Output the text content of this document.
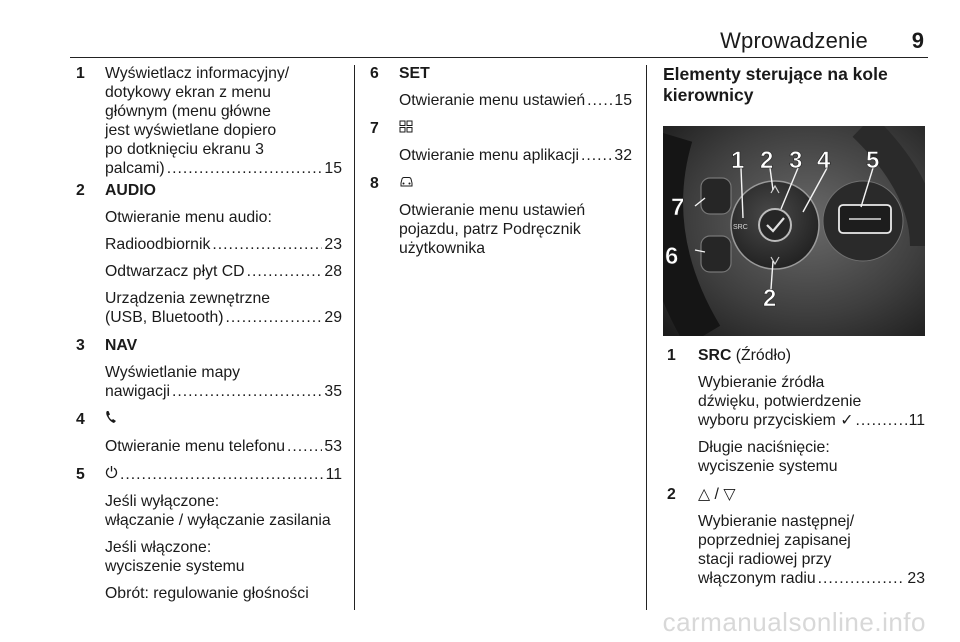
Wprowadzenie 9
1 Wyświetlacz informacyjny/
dotykowy ekran z menu
głównym (menu główne
jest wyświetlane dopiero
po dotknięciu ekranu 3
palcami) .....	15
2 AUDIO
Otwieranie menu audio:
Radioodbiornik .....	23
Odtwarzacz płyt CD .....	28
Urządzenia zewnętrzne
(USB, Bluetooth) .....	29
3 NAV
Wyświetlanie mapy
nawigacji .....	35
4
Otwieranie menu telefonu ..... 53
5 .....	11
Jeśli wyłączone:
włączanie / wyłączanie zasilania
Jeśli włączone:
wyciszenie systemu
Obrót: regulowanie głośności
6 SET
Otwieranie menu ustawień ..... 15
7
Otwieranie menu aplikacji ..... 32
8
Otwieranie menu ustawień
pojazdu, patrz Podręcznik
użytkownika
Elementy sterujące na kole
kierownicy
SRC
1 2 3 4 5
6
7
2
1 SRC (Źródło)
Wybieranie źródła
dźwięku, potwierdzenie
wyboru przyciskiem ✓ .....	11
Długie naciśnięcie:
wyciszenie systemu
2 △ / ▽
Wybieranie następnej/
poprzedniej zapisanej
stacji radiowej przy
włączonym radiu .....	23
carmanualsonline.info
